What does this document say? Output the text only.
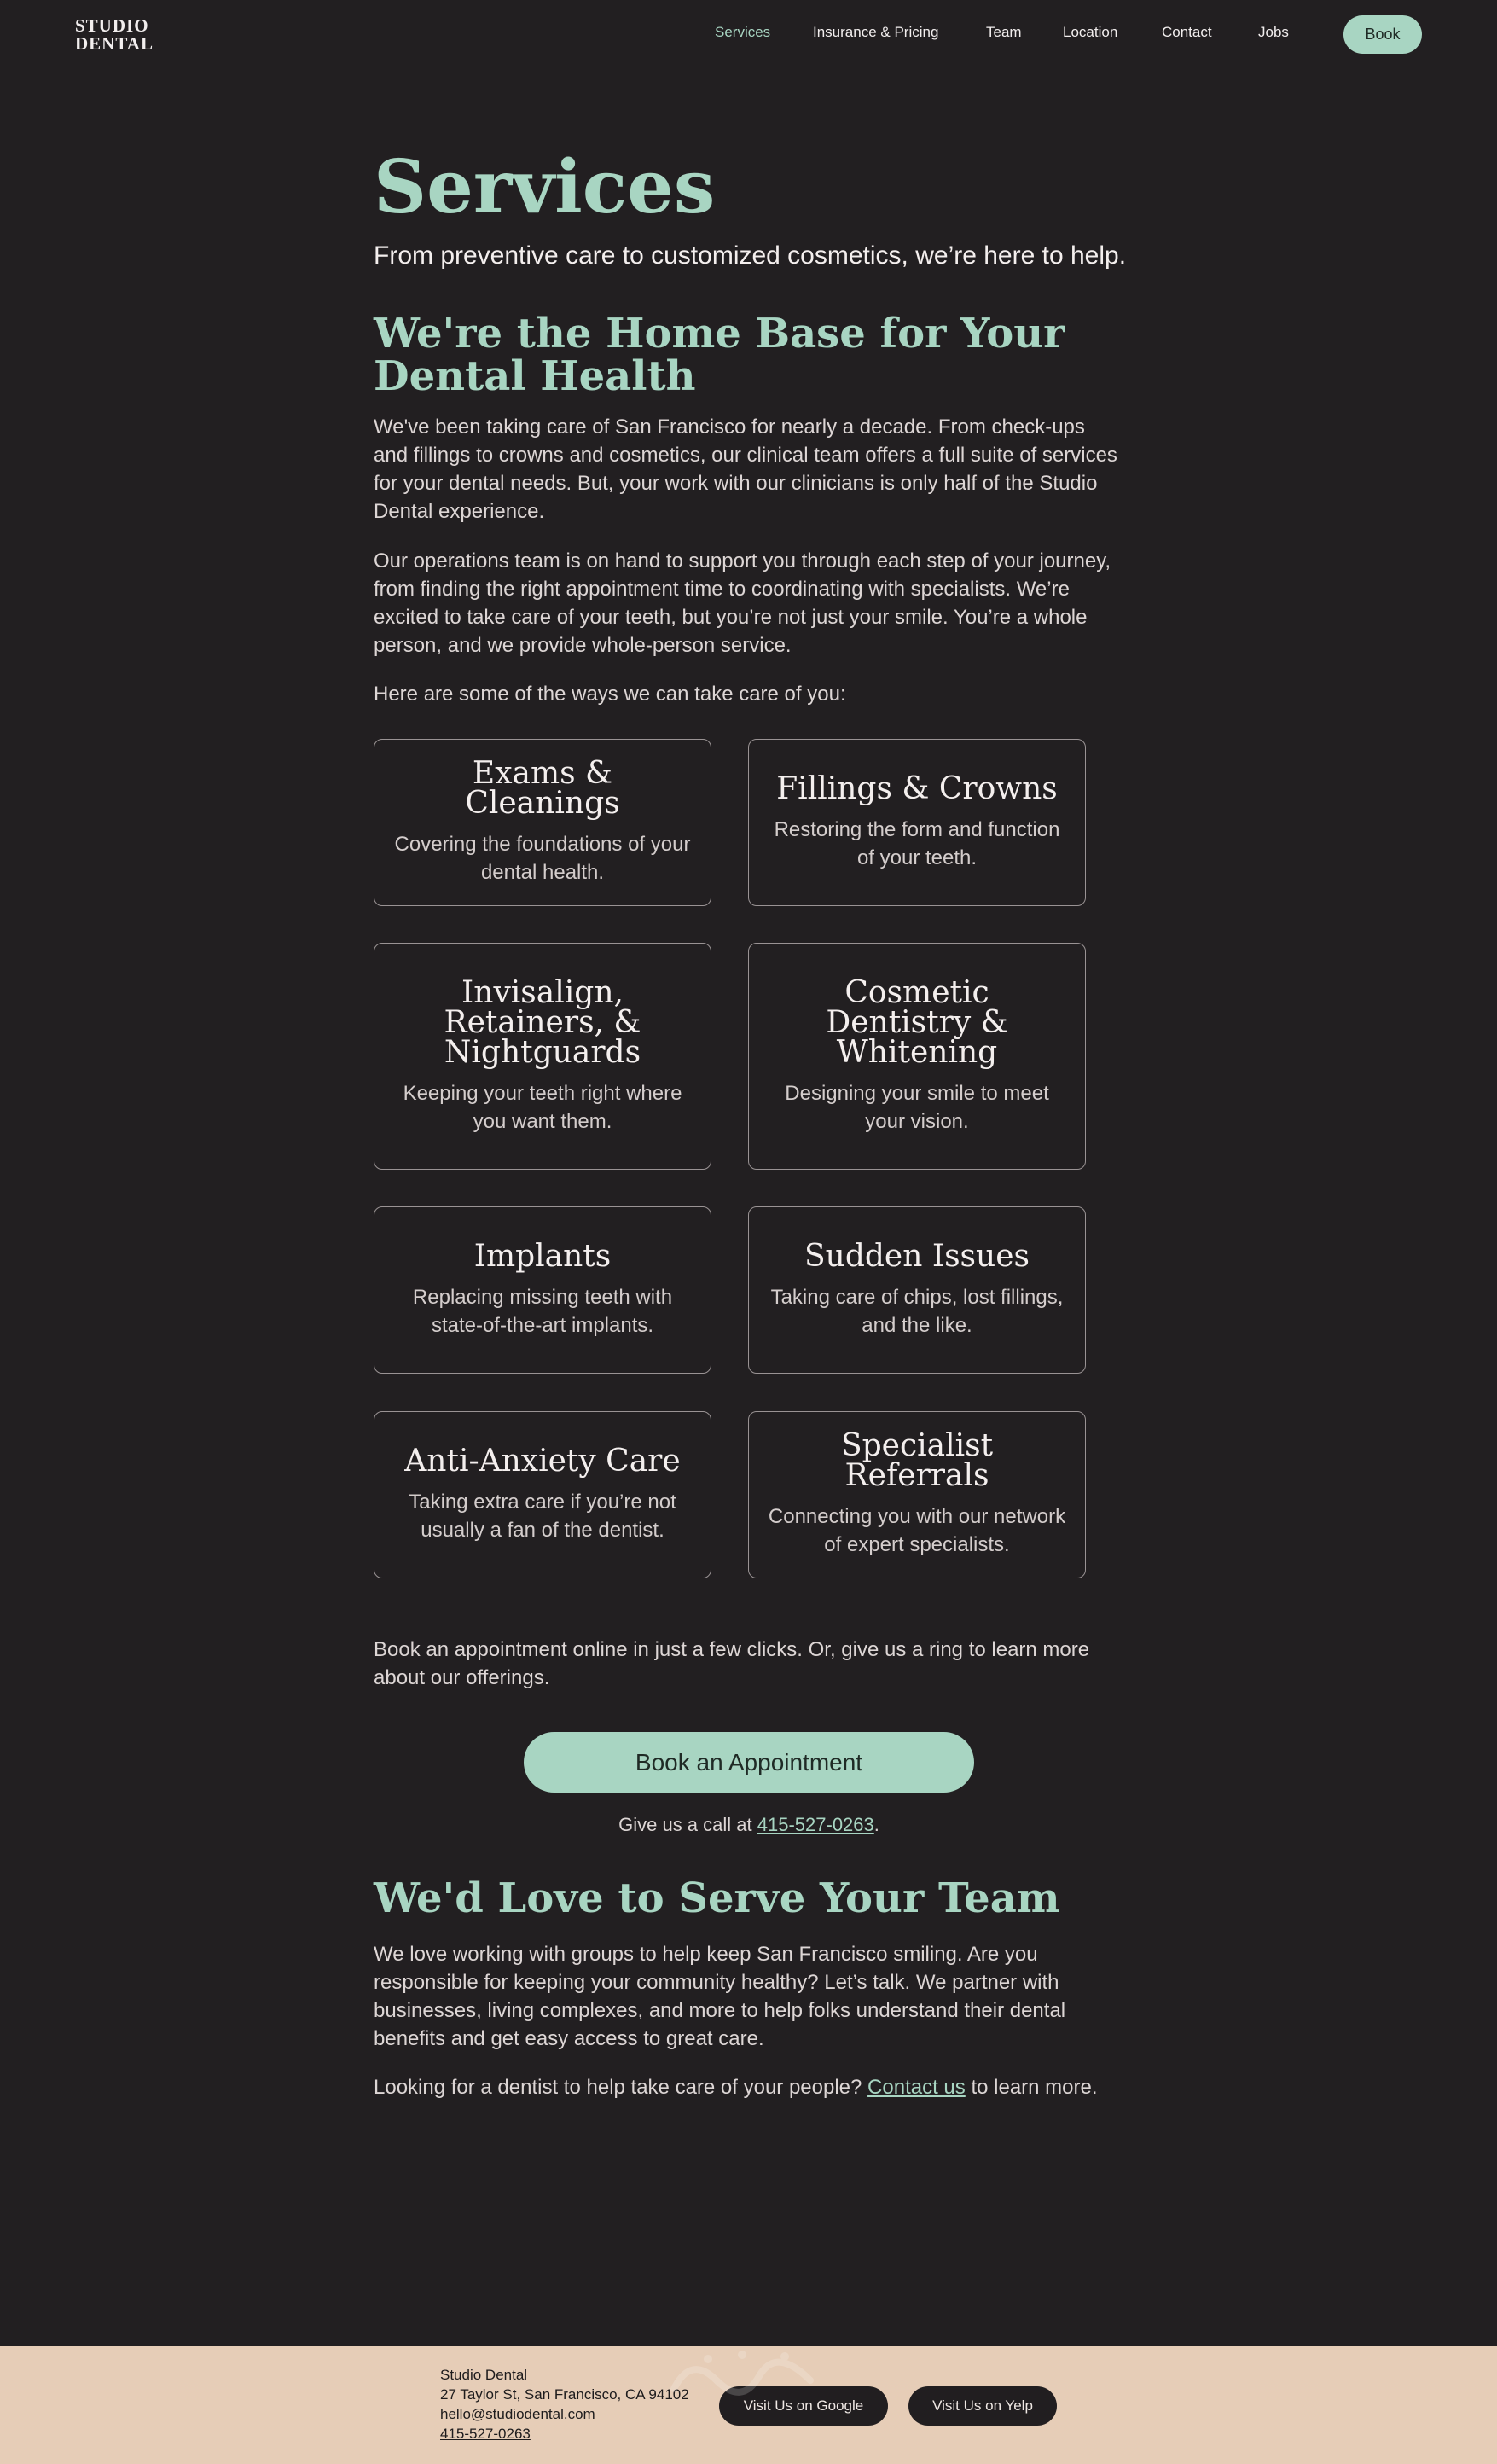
STUDIO
DENTAL
Services	Insurance & Pricing	Team	Location	Contact	Jobs	Book
Services

From preventive care to customized cosmetics, we’re here to help.

We're the Home Base for Your Dental Health

We've been taking care of San Francisco for nearly a decade. From check-ups and fillings to crowns and cosmetics, our clinical team offers a full suite of services for your dental needs. But, your work with our clinicians is only half of the Studio Dental experience.

Our operations team is on hand to support you through each step of your journey, from finding the right appointment time to coordinating with specialists. We’re excited to take care of your teeth, but you’re not just your smile. You’re a whole person, and we provide whole-person service.

Here are some of the ways we can take care of you:

Exams & Cleanings
Covering the foundations of your dental health.
Fillings & Crowns
Restoring the form and function of your teeth.
Invisalign, Retainers, & Nightguards
Keeping your teeth right where you want them.
Cosmetic Dentistry & Whitening
Designing your smile to meet your vision.
Implants
Replacing missing teeth with state-of-the-art implants.
Sudden Issues
Taking care of chips, lost fillings, and the like.
Anti-Anxiety Care
Taking extra care if you’re not usually a fan of the dentist.
Specialist Referrals
Connecting you with our network of expert specialists.

Book an appointment online in just a few clicks. Or, give us a ring to learn more about our offerings.

Book an Appointment

Give us a call at 415-527-0263.

We'd Love to Serve Your Team

We love working with groups to help keep San Francisco smiling. Are you responsible for keeping your community healthy? Let’s talk. We partner with businesses, living complexes, and more to help folks understand their dental benefits and get easy access to great care.

Looking for a dentist to help take care of your people? Contact us to learn more.

Studio Dental
27 Taylor St, San Francisco, CA 94102
hello@studiodental.com
415-527-0263
Visit Us on Google	Visit Us on Yelp
